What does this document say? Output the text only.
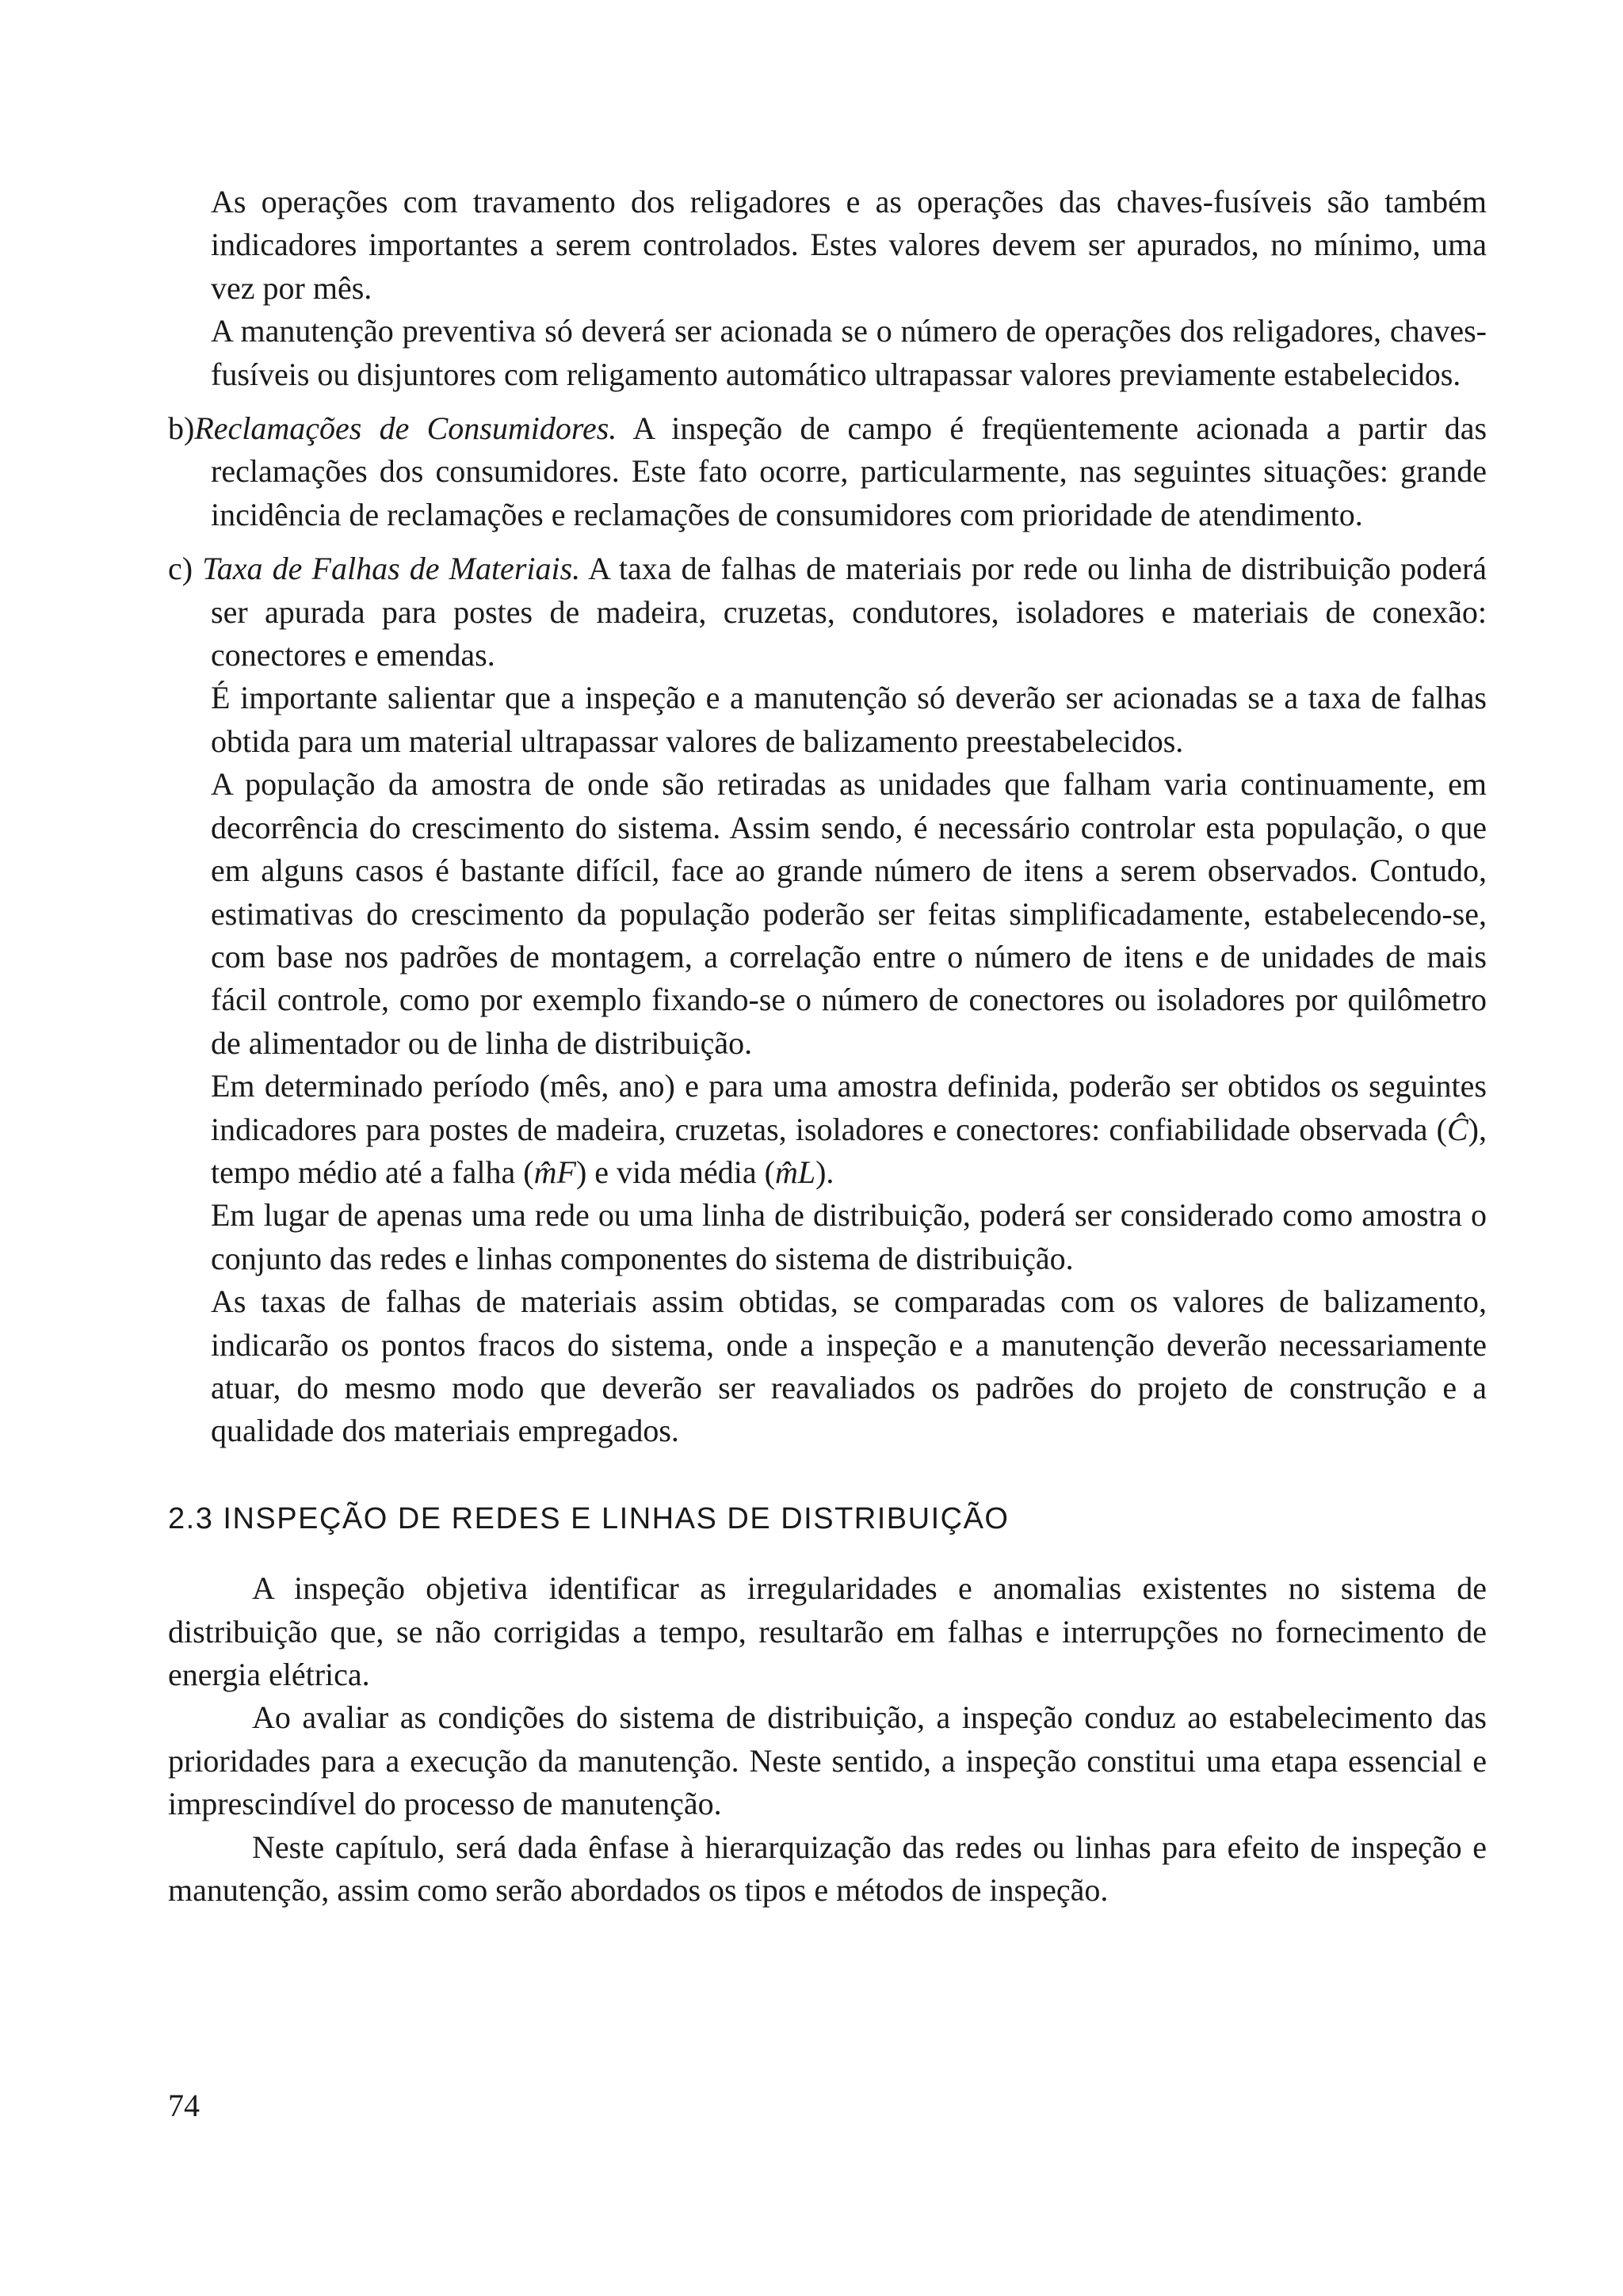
As operações com travamento dos religadores e as operações das chaves-fusíveis são também indicadores importantes a serem controlados. Estes valores devem ser apurados, no mínimo, uma vez por mês.

A manutenção preventiva só deverá ser acionada se o número de operações dos religadores, chaves-fusíveis ou disjuntores com religamento automático ultrapassar valores previamente estabelecidos.

b)Reclamações de Consumidores. A inspeção de campo é freqüentemente acionada a partir das reclamações dos consumidores. Este fato ocorre, particularmente, nas seguintes situações: grande incidência de reclamações e reclamações de consumidores com prioridade de atendimento.

c) Taxa de Falhas de Materiais. A taxa de falhas de materiais por rede ou linha de distribuição poderá ser apurada para postes de madeira, cruzetas, condutores, isoladores e materiais de conexão: conectores e emendas.

É importante salientar que a inspeção e a manutenção só deverão ser acionadas se a taxa de falhas obtida para um material ultrapassar valores de balizamento preestabelecidos.

A população da amostra de onde são retiradas as unidades que falham varia continuamente, em decorrência do crescimento do sistema. Assim sendo, é necessário controlar esta população, o que em alguns casos é bastante difícil, face ao grande número de itens a serem observados. Contudo, estimativas do crescimento da população poderão ser feitas simplificadamente, estabelecendo-se, com base nos padrões de montagem, a correlação entre o número de itens e de unidades de mais fácil controle, como por exemplo fixando-se o número de conectores ou isoladores por quilômetro de alimentador ou de linha de distribuição.

Em determinado período (mês, ano) e para uma amostra definida, poderão ser obtidos os seguintes indicadores para postes de madeira, cruzetas, isoladores e conectores: confiabilidade observada (Ĉ), tempo médio até a falha (m̂F) e vida média (m̂L).

Em lugar de apenas uma rede ou uma linha de distribuição, poderá ser considerado como amostra o conjunto das redes e linhas componentes do sistema de distribuição.

As taxas de falhas de materiais assim obtidas, se comparadas com os valores de balizamento, indicarão os pontos fracos do sistema, onde a inspeção e a manutenção deverão necessariamente atuar, do mesmo modo que deverão ser reavaliados os padrões do projeto de construção e a qualidade dos materiais empregados.

2.3 INSPEÇÃO DE REDES E LINHAS DE DISTRIBUIÇÃO

A inspeção objetiva identificar as irregularidades e anomalias existentes no sistema de distribuição que, se não corrigidas a tempo, resultarão em falhas e interrupções no fornecimento de energia elétrica.

Ao avaliar as condições do sistema de distribuição, a inspeção conduz ao estabelecimento das prioridades para a execução da manutenção. Neste sentido, a inspeção constitui uma etapa essencial e imprescindível do processo de manutenção.

Neste capítulo, será dada ênfase à hierarquização das redes ou linhas para efeito de inspeção e manutenção, assim como serão abordados os tipos e métodos de inspeção.

74
